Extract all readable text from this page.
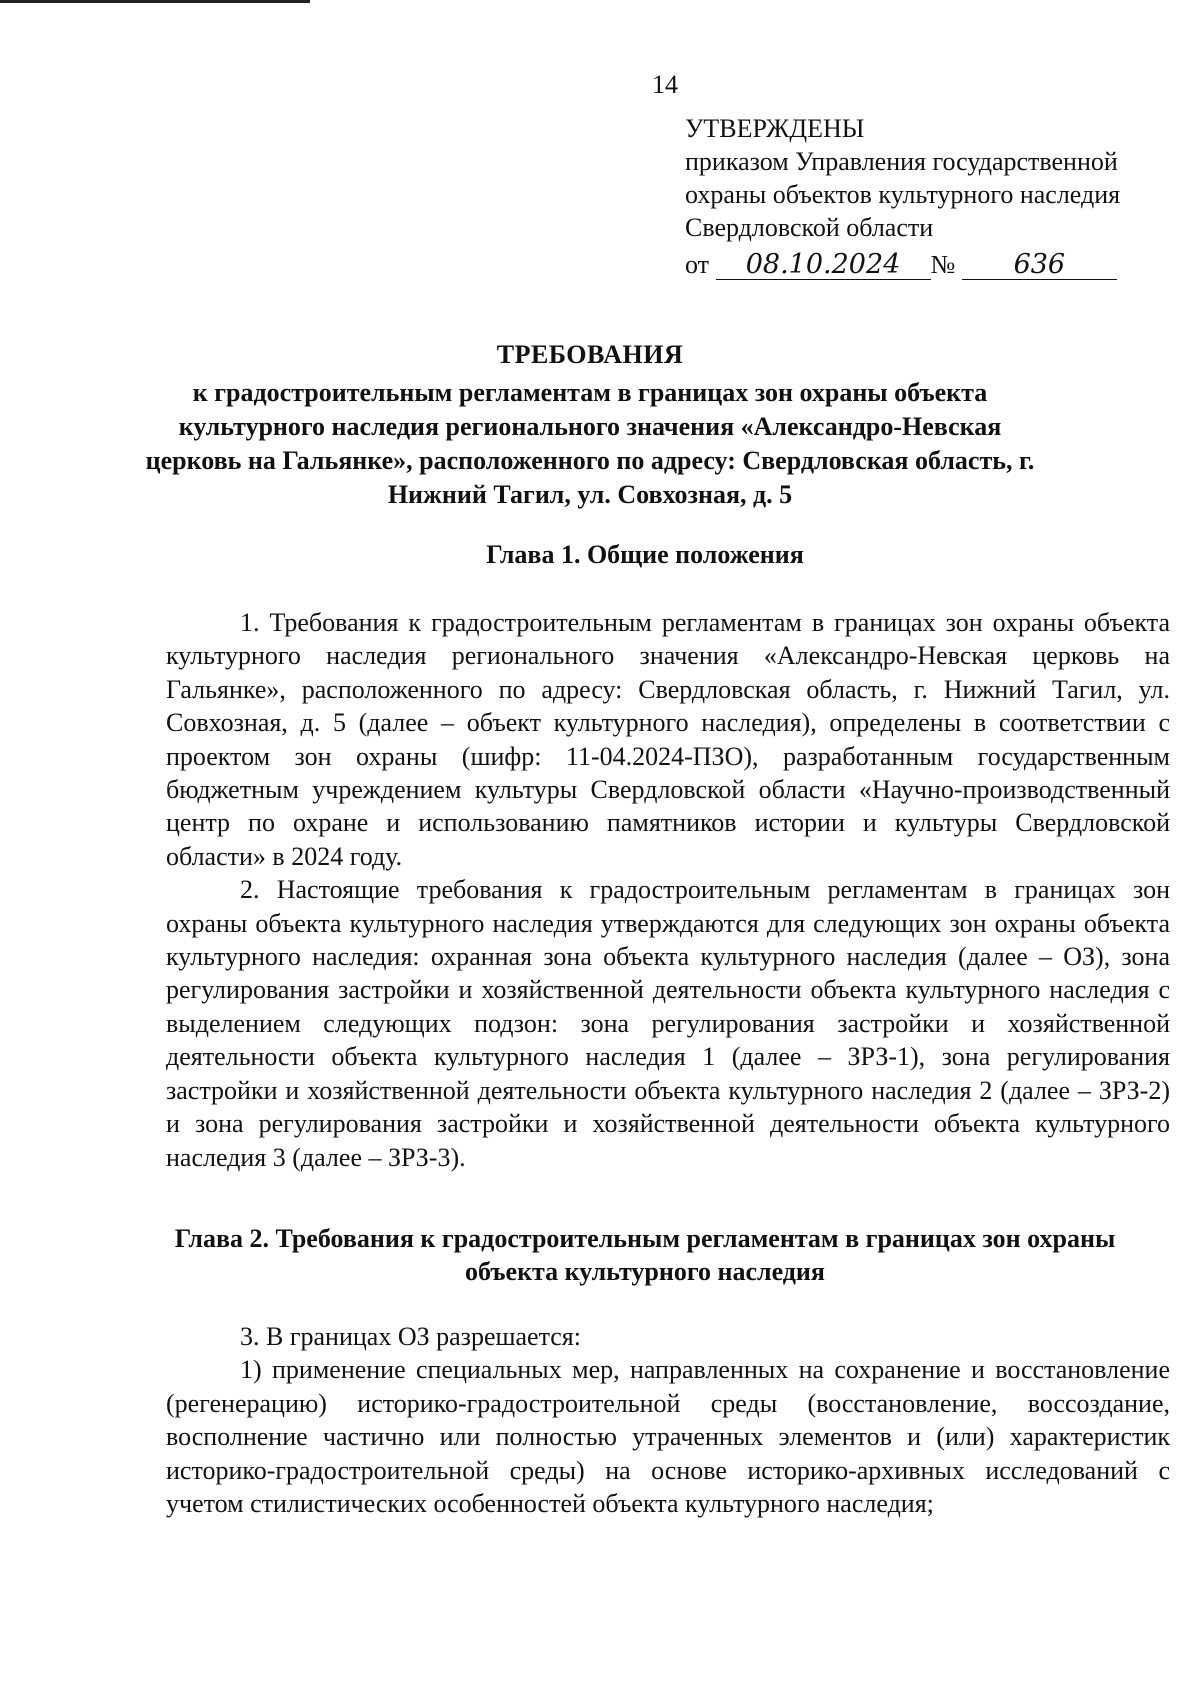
14
УТВЕРЖДЕНЫ
приказом Управления государственной
охраны объектов культурного наследия
Свердловской области
от 08.10.2024 № 636
ТРЕБОВАНИЯ
к градостроительным регламентам в границах зон охраны объекта культурного наследия регионального значения «Александро-Невская церковь на Гальянке», расположенного по адресу: Свердловская область, г. Нижний Тагил, ул. Совхозная, д. 5
Глава 1. Общие положения

1. Требования к градостроительным регламентам в границах зон охраны объекта культурного наследия регионального значения «Александро-Невская церковь на Гальянке», расположенного по адресу: Свердловская область, г. Нижний Тагил, ул. Совхозная, д. 5 (далее – объект культурного наследия), определены в соответствии с проектом зон охраны (шифр: 11-04.2024-ПЗО), разработанным государственным бюджетным учреждением культуры Свердловской области «Научно-производственный центр по охране и использованию памятников истории и культуры Свердловской области» в 2024 году.

2. Настоящие требования к градостроительным регламентам в границах зон охраны объекта культурного наследия утверждаются для следующих зон охраны объекта культурного наследия: охранная зона объекта культурного наследия (далее – ОЗ), зона регулирования застройки и хозяйственной деятельности объекта культурного наследия с выделением следующих подзон: зона регулирования застройки и хозяйственной деятельности объекта культурного наследия 1 (далее – ЗРЗ-1), зона регулирования застройки и хозяйственной деятельности объекта культурного наследия 2 (далее – ЗРЗ-2) и зона регулирования застройки и хозяйственной деятельности объекта культурного наследия 3 (далее – ЗРЗ-3).

Глава 2. Требования к градостроительным регламентам в границах зон охраны объекта культурного наследия

3. В границах ОЗ разрешается:

1) применение специальных мер, направленных на сохранение и восстановление (регенерацию) историко-градостроительной среды (восстановление, воссоздание, восполнение частично или полностью утраченных элементов и (или) характеристик историко-градостроительной среды) на основе историко-архивных исследований с учетом стилистических особенностей объекта культурного наследия;
